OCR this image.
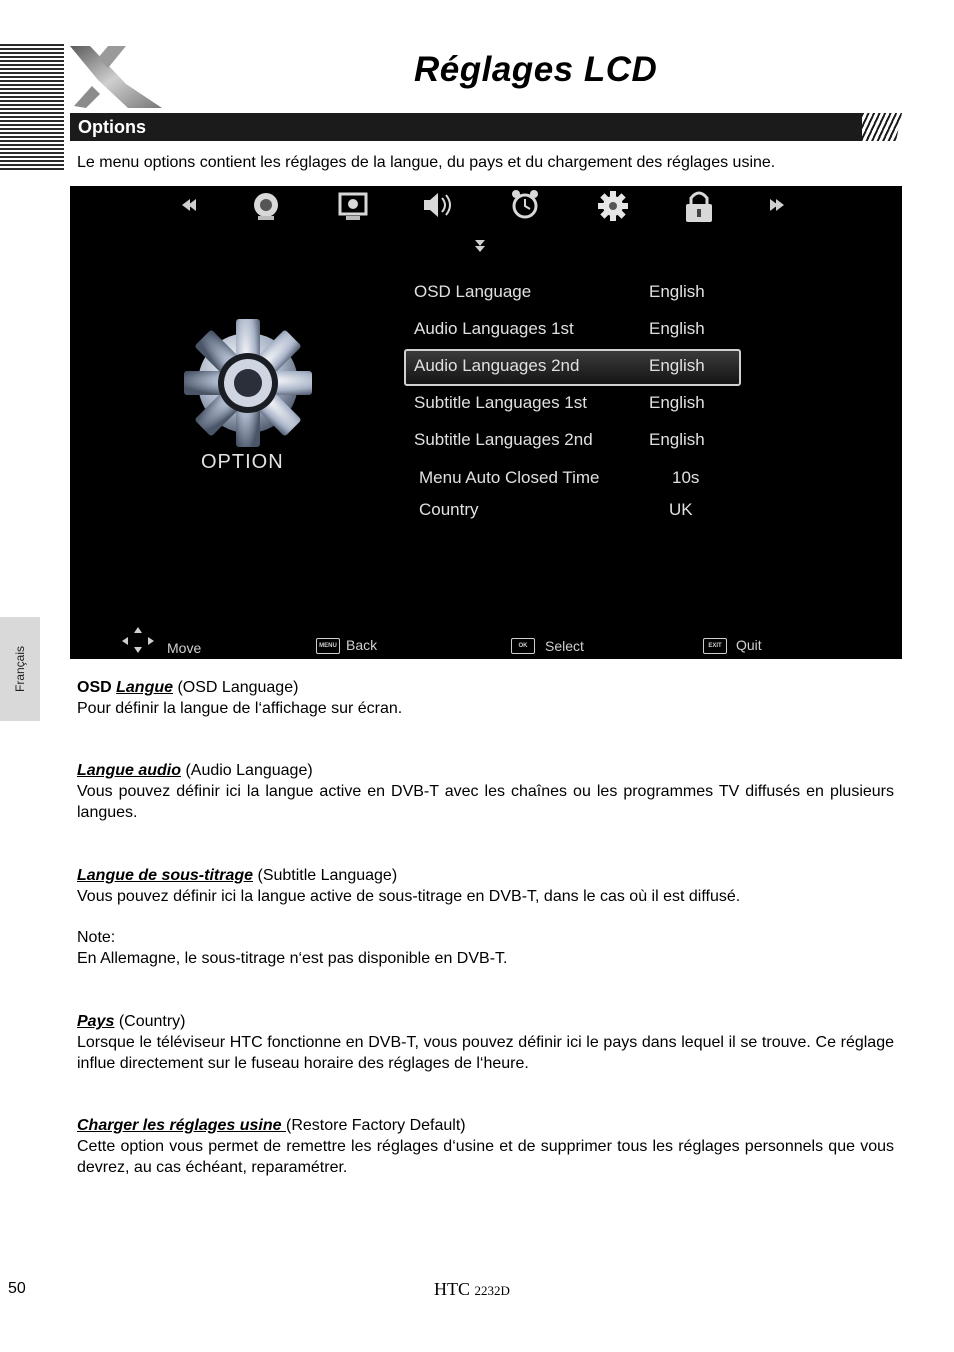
Réglages LCD
Options
Français
Le menu options contient les réglages de la langue, du pays et du chargement des réglages usine.
OPTION
OSD Language	English
Audio Languages 1st	English
Audio Languages 2nd	English
Subtitle Languages 1st	English
Subtitle Languages 2nd	English
Menu Auto Closed Time	10s
Country	UK
Move	MENU Back	OK	Select	EXIT	Quit
OSD Langue (OSD Language)
Pour définir la langue de l‘affichage sur écran.
Langue audio (Audio Language)
Vous pouvez définir ici la langue active en DVB-T avec les chaînes ou les programmes TV diffusés en plusieurs langues.
Langue de sous-titrage (Subtitle Language)
Vous pouvez définir ici la langue active de sous-titrage en DVB-T, dans le cas où il est diffusé.
Note:
En Allemagne, le sous-titrage n‘est pas disponible en DVB-T.
Pays (Country)
Lorsque le téléviseur HTC fonctionne en DVB-T, vous pouvez définir ici le pays dans lequel il se trouve. Ce réglage influe directement sur le fuseau horaire des réglages de l‘heure.
Charger les réglages usine (Restore Factory Default)
Cette option vous permet de remettre les réglages d‘usine et de supprimer tous les réglages personnels que vous devrez, au cas échéant, reparamétrer.
50	HTC 2232D
